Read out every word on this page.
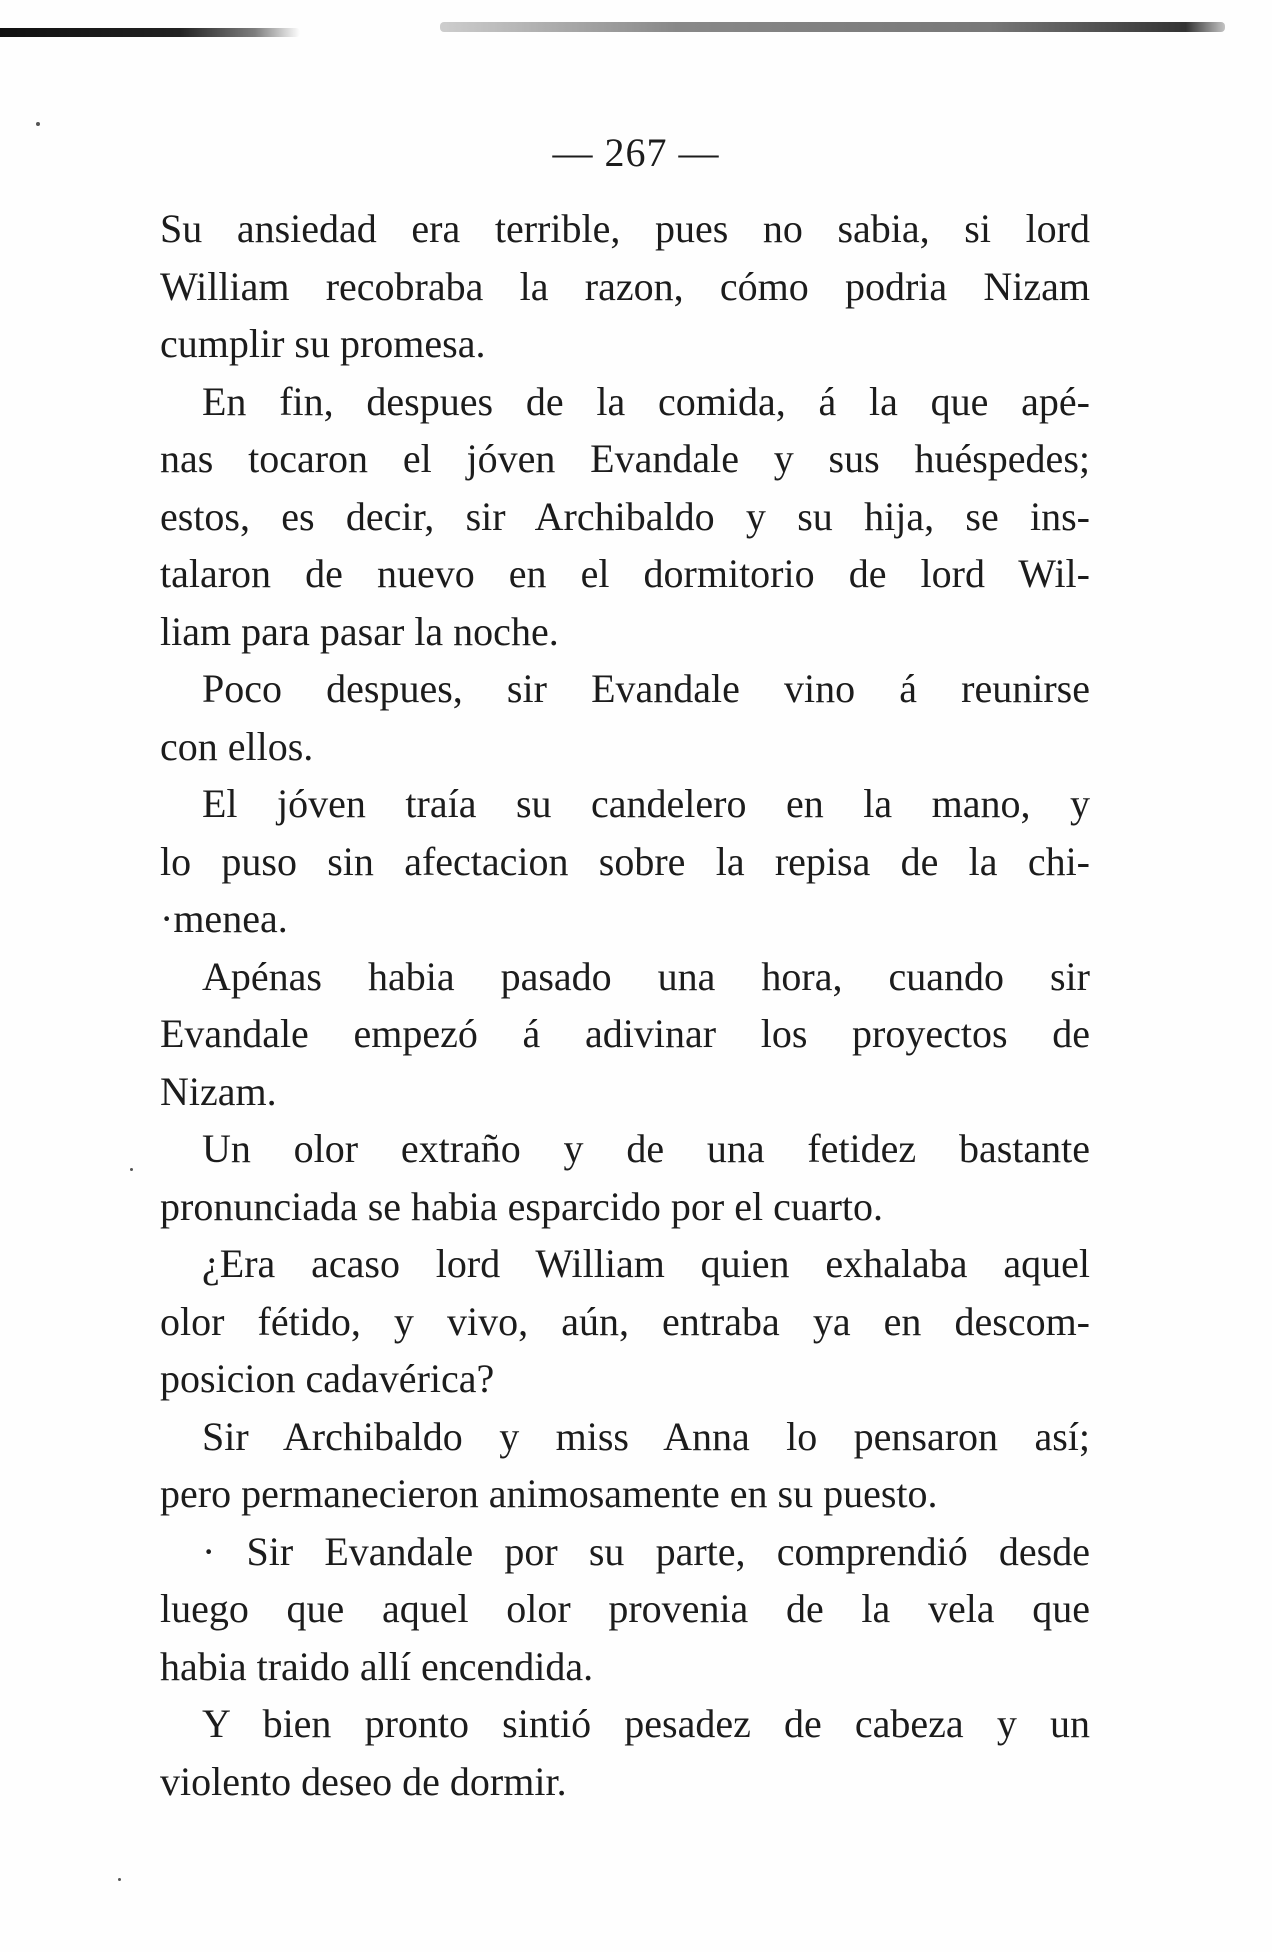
— 267 —
Su ansiedad era terrible, pues no sabia, si lord
William recobraba la razon, cómo podria Nizam
cumplir su promesa.
En fin, despues de la comida, á la que apé-
nas tocaron el jóven Evandale y sus huéspedes;
estos, es decir, sir Archibaldo y su hija, se ins-
talaron de nuevo en el dormitorio de lord Wil-
liam para pasar la noche.
Poco despues, sir Evandale vino á reunirse
con ellos.
El jóven traía su candelero en la mano, y
lo puso sin afectacion sobre la repisa de la chi-
·menea.
Apénas habia pasado una hora, cuando sir
Evandale empezó á adivinar los proyectos de
Nizam.
Un olor extraño y de una fetidez bastante
pronunciada se habia esparcido por el cuarto.
¿Era acaso lord William quien exhalaba aquel
olor fétido, y vivo, aún, entraba ya en descom-
posicion cadavérica?
Sir Archibaldo y miss Anna lo pensaron así;
pero permanecieron animosamente en su puesto.
· Sir Evandale por su parte, comprendió desde
luego que aquel olor provenia de la vela que
habia traido allí encendida.
Y bien pronto sintió pesadez de cabeza y un
violento deseo de dormir.
